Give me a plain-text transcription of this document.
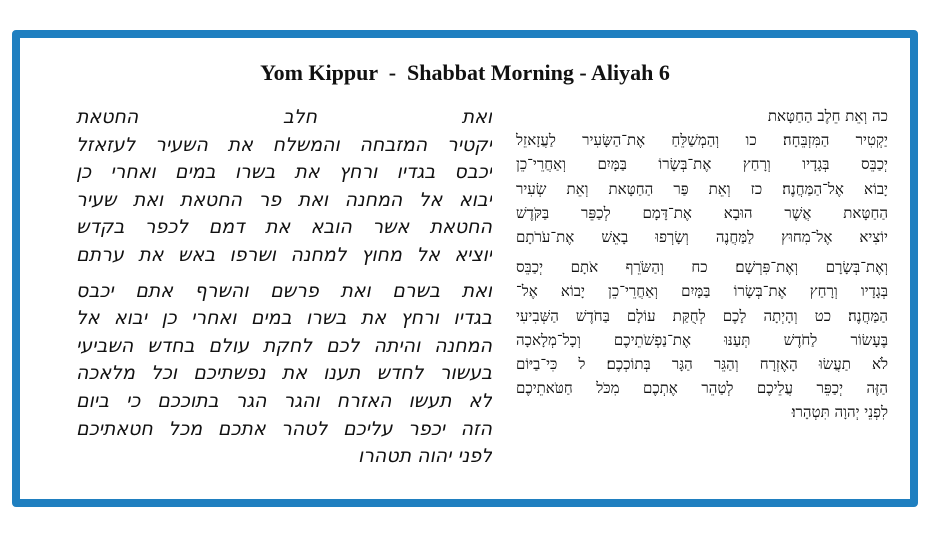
Yom Kippur  -  Shabbat Morning - Aliyah 6
ואת חלב החטאת
יקטיר המזבחה והמשלח את השעיר לעזאזל
יכבס בגדיו ורחץ את בשרו במים ואחרי כן
יבוא אל המחנה ואת פר החטאת ואת שעיר
החטאת אשר הובא את דמם לכפר בקדש
יוציא אל מחוץ למחנה ושרפו באש את ערתם
ואת בשרם ואת פרשם והשרף אתם יכבס
בגדיו ורחץ את בשרו במים ואחרי כן יבוא אל
המחנה והיתה לכם לחקת עולם בחדש השביעי
בעשור לחדש תענו את נפשתיכם וכל מלאכה
לא תעשו האזרח והגר הגר בתוככם כי ביום
הזה יכפר עליכם לטהר אתכם מכל חטאתיכם
לפני יהוה תטהרו
כה וְאֵת חֵלֶב הַחַטָּאת
יַקְטִיר הַמִּזְבֵּחָה׃ כו וְהַמְשַׁלֵּחַ אֶת־הַשָּׂעִיר לַעֲזָאזֵל
יְכַבֵּס בְּגָדָיו וְרָחַץ אֶת־בְּשָׂרוֹ בַּמָּיִם וְאַחֲרֵי־כֵן
יָבוֹא אֶל־הַמַּחֲנֶה׃ כז וְאֵת פַּר הַחַטָּאת וְאֵת שְׂעִיר
הַחַטָּאת אֲשֶׁר הוּבָא אֶת־דָּמָם לְכַפֵּר בַּקֹּדֶשׁ
יוֹצִיא אֶל־מִחוּץ לַמַּחֲנֶה וְשָׂרְפוּ בָאֵשׁ אֶת־עֹרֹתָם
וְאֶת־בְּשָׂרָם וְאֶת־פִּרְשָׁם׃ כח וְהַשֹּׂרֵף אֹתָם יְכַבֵּס
בְּגָדָיו וְרָחַץ אֶת־בְּשָׂרוֹ בַּמָּיִם וְאַחֲרֵי־כֵן יָבוֹא אֶל־
הַמַּחֲנֶה׃ כט וְהָיְתָה לָכֶם לְחֻקַּת עוֹלָם בַּחֹדֶשׁ הַשְּׁבִיעִי
בֶּעָשׂוֹר לַחֹדֶשׁ תְּעַנּוּ אֶת־נַפְשֹׁתֵיכֶם וְכָל־מְלָאכָה
לֹא תַעֲשׂוּ הָאֶזְרָח וְהַגֵּר הַגָּר בְּתוֹכְכֶם׃ ל כִּי־בַיּוֹם
הַזֶּה יְכַפֵּר עֲלֵיכֶם לְטַהֵר אֶתְכֶם מִכֹּל חַטֹּאתֵיכֶם
לִפְנֵי יְהוָה תִּטְהָרוּ׃
